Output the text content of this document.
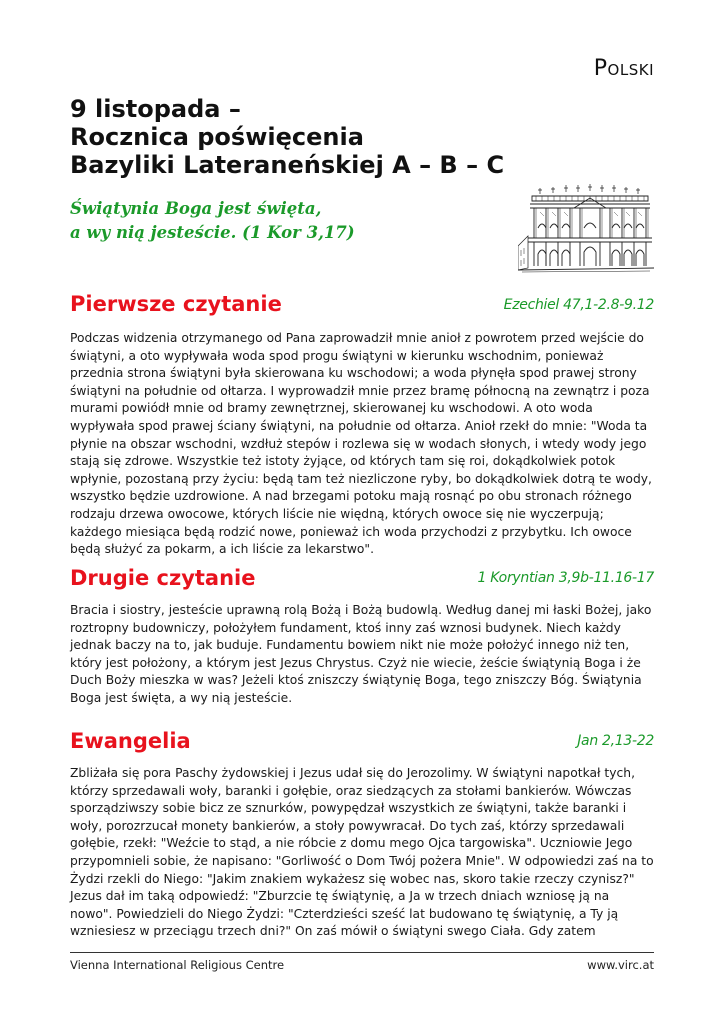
Polski
9 listopada –
Rocznica poświęcenia
Bazyliki Lateraneńskiej A – B – C
Świątynia Boga jest święta,
a wy nią jesteście. (1 Kor 3,17)
Pierwsze czytanie	Ezechiel 47,1-2.8-9.12
Podczas widzenia otrzymanego od Pana zaprowadził mnie anioł z powrotem przed wejście do świątyni, a oto wypływała woda spod progu świątyni w kierunku wschodnim, ponieważ przednia strona świątyni była skierowana ku wschodowi; a woda płynęła spod prawej strony świątyni na południe od ołtarza. I wyprowadził mnie przez bramę północną na zewnątrz i poza murami powiódł mnie od bramy zewnętrznej, skierowanej ku wschodowi. A oto woda wypływała spod prawej ściany świątyni, na południe od ołtarza. Anioł rzekł do mnie: "Woda ta płynie na obszar wschodni, wzdłuż stepów i rozlewa się w wodach słonych, i wtedy wody jego stają się zdrowe. Wszystkie też istoty żyjące, od których tam się roi, dokądkolwiek potok wpłynie, pozostaną przy życiu: będą tam też niezliczone ryby, bo dokądkolwiek dotrą te wody, wszystko będzie uzdrowione. A nad brzegami potoku mają rosnąć po obu stronach różnego rodzaju drzewa owocowe, których liście nie więdną, których owoce się nie wyczerpują; każdego miesiąca będą rodzić nowe, ponieważ ich woda przychodzi z przybytku. Ich owoce będą służyć za pokarm, a ich liście za lekarstwo".
Drugie czytanie	1 Koryntian 3,9b-11.16-17
Bracia i siostry, jesteście uprawną rolą Bożą i Bożą budowlą. Według danej mi łaski Bożej, jako roztropny budowniczy, położyłem fundament, ktoś inny zaś wznosi budynek. Niech każdy jednak baczy na to, jak buduje. Fundamentu bowiem nikt nie może położyć innego niż ten, który jest położony, a którym jest Jezus Chrystus. Czyż nie wiecie, żeście świątynią Boga i że Duch Boży mieszka w was? Jeżeli ktoś zniszczy świątynię Boga, tego zniszczy Bóg. Świątynia Boga jest święta, a wy nią jesteście.
Ewangelia	Jan 2,13-22
Zbliżała się pora Paschy żydowskiej i Jezus udał się do Jerozolimy. W świątyni napotkał tych, którzy sprzedawali woły, baranki i gołębie, oraz siedzących za stołami bankierów. Wówczas sporządziwszy sobie bicz ze sznurków, powypędzał wszystkich ze świątyni, także baranki i woły, porozrzucał monety bankierów, a stoły powywracał. Do tych zaś, którzy sprzedawali gołębie, rzekł: "Weźcie to stąd, a nie róbcie z domu mego Ojca targowiska". Uczniowie Jego przypomnieli sobie, że napisano: "Gorliwość o Dom Twój pożera Mnie". W odpowiedzi zaś na to Żydzi rzekli do Niego: "Jakim znakiem wykażesz się wobec nas, skoro takie rzeczy czynisz?" Jezus dał im taką odpowiedź: "Zburzcie tę świątynię, a Ja w trzech dniach wzniosę ją na nowo". Powiedzieli do Niego Żydzi: "Czterdzieści sześć lat budowano tę świątynię, a Ty ją wzniesiesz w przeciągu trzech dni?" On zaś mówił o świątyni swego Ciała. Gdy zatem
Vienna International Religious Centre	www.virc.at
